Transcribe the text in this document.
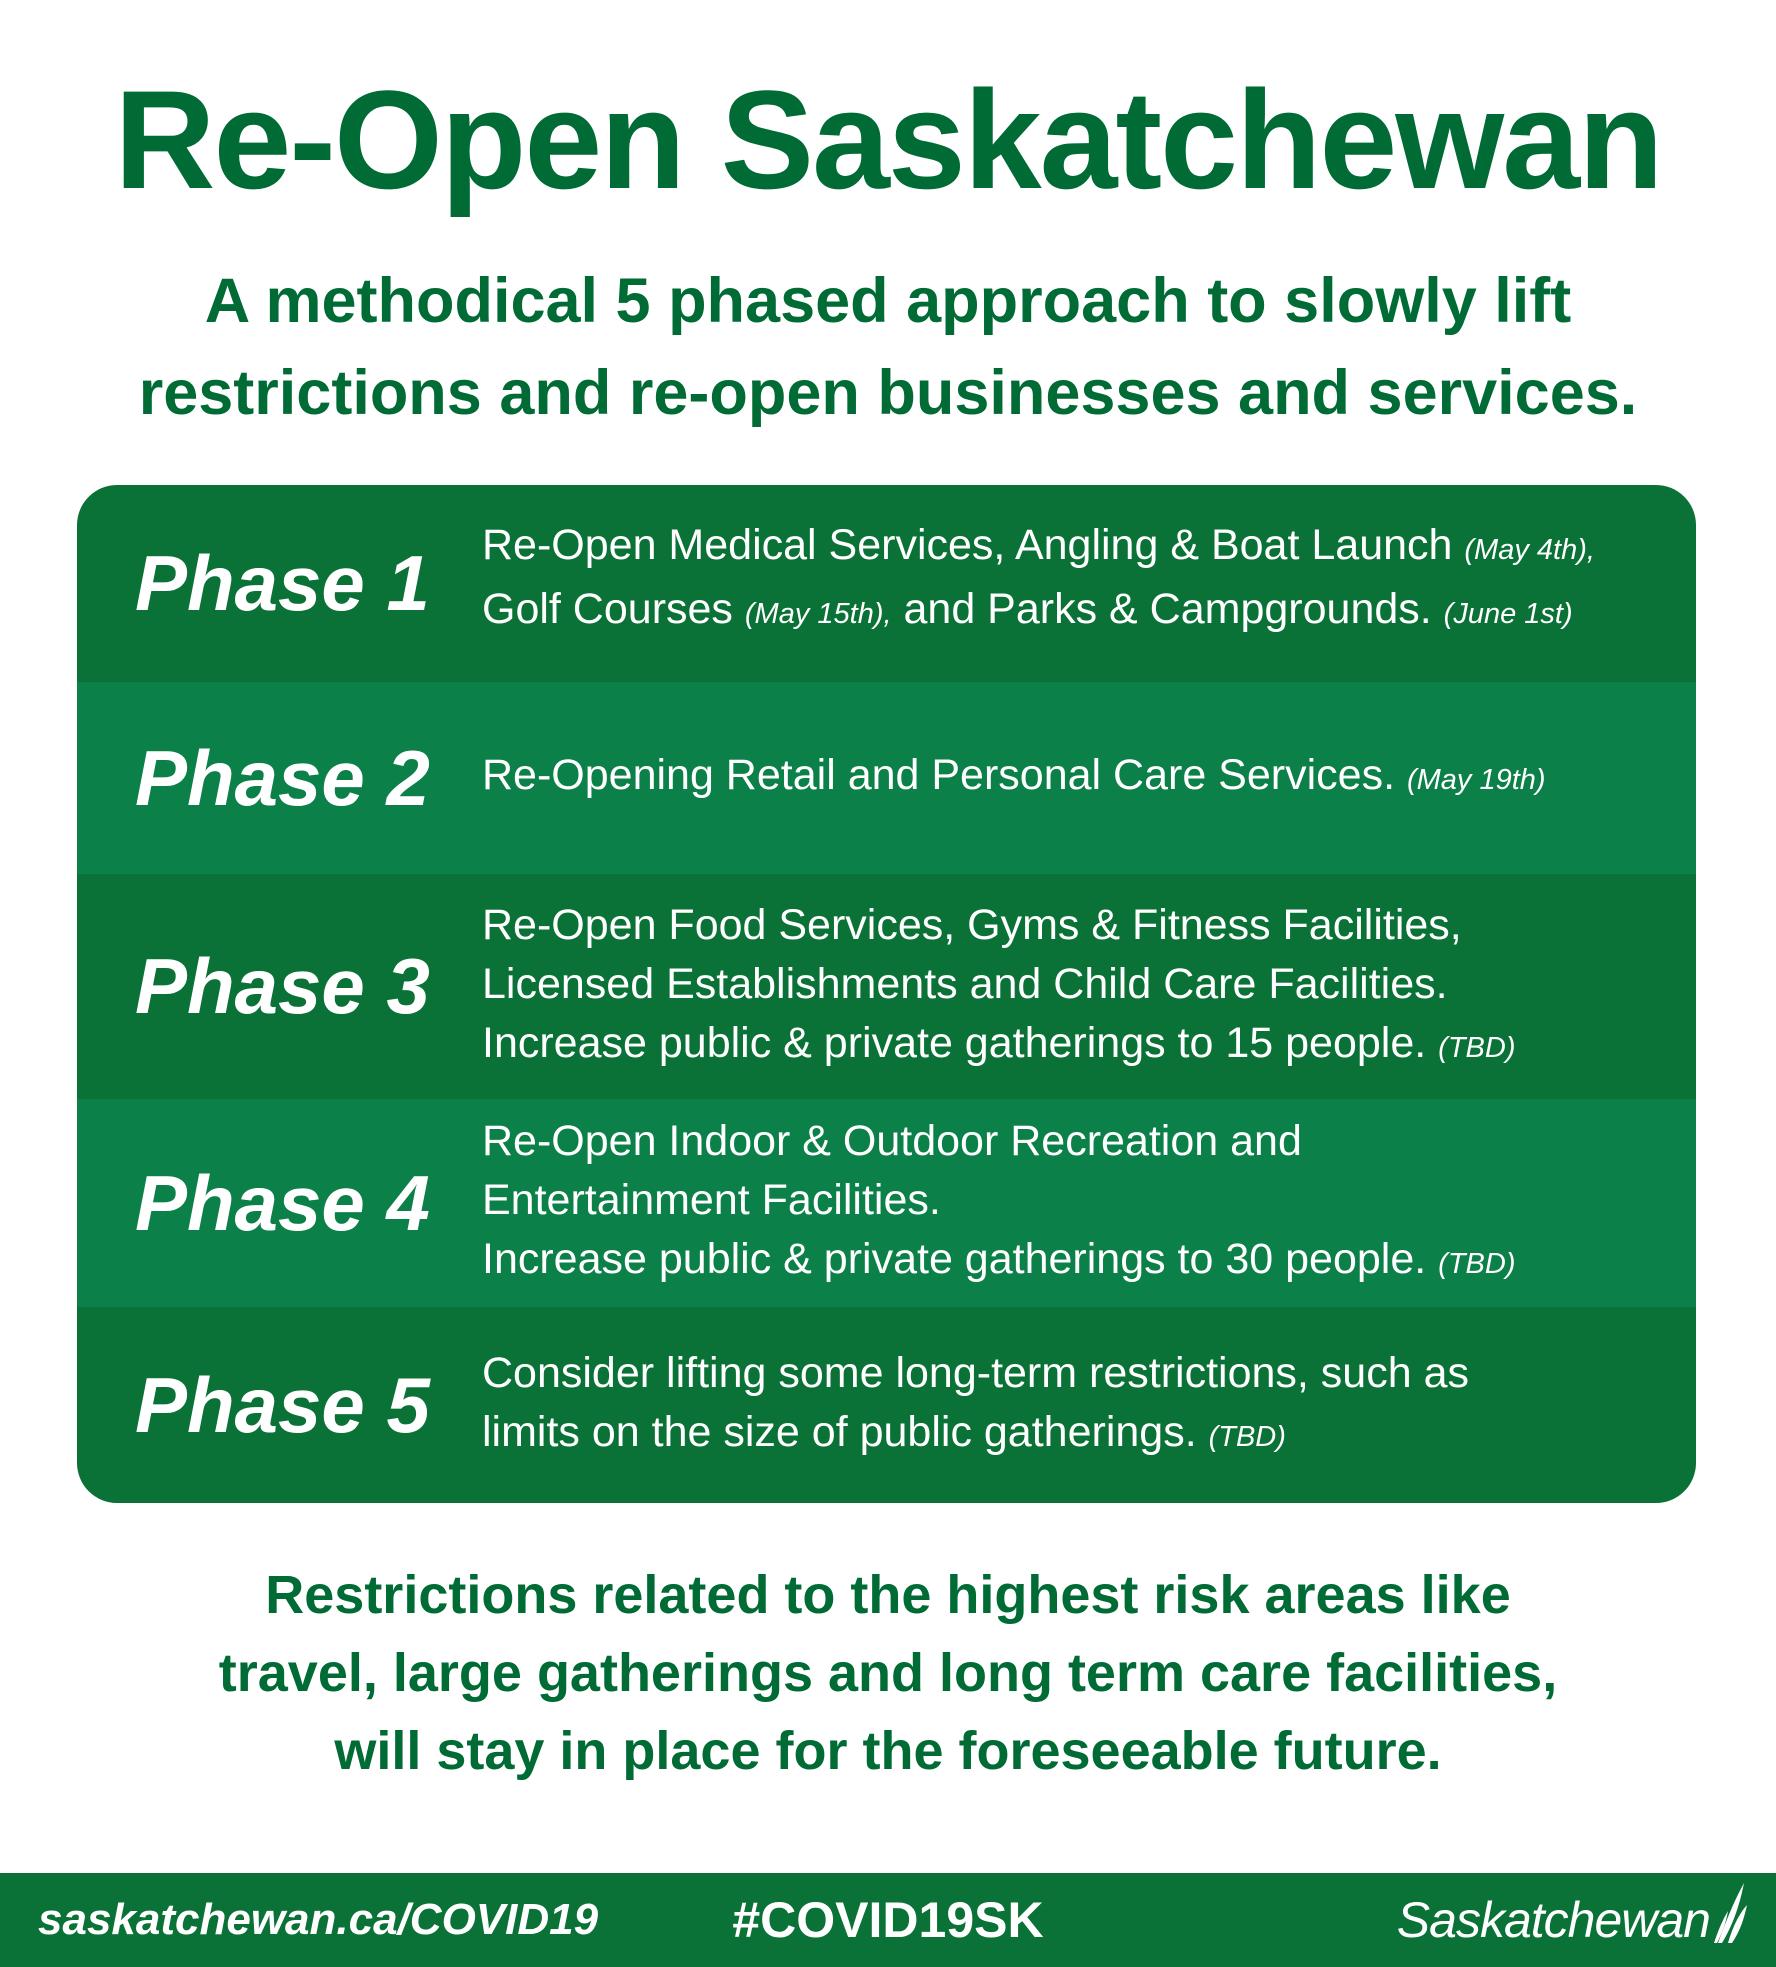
Re-Open Saskatchewan
A methodical 5 phased approach to slowly lift
restrictions and re-open businesses and services.
Phase 1 Re-Open Medical Services, Angling & Boat Launch (May 4th),
Golf Courses (May 15th), and Parks & Campgrounds. (June 1st)
Phase 2 Re-Opening Retail and Personal Care Services. (May 19th)
Phase 3
Re-Open Food Services, Gyms & Fitness Facilities,
Licensed Establishments and Child Care Facilities.
Increase public & private gatherings to 15 people. (TBD)
Phase 4
Re-Open Indoor & Outdoor Recreation and
Entertainment Facilities.
Increase public & private gatherings to 30 people. (TBD)
Phase 5 Consider lifting some long-term restrictions, such as
limits on the size of public gatherings. (TBD)
Restrictions related to the highest risk areas like
travel, large gatherings and long term care facilities,
will stay in place for the foreseeable future.
saskatchewan.ca/COVID19	#COVID19SK	Saskatchewan
